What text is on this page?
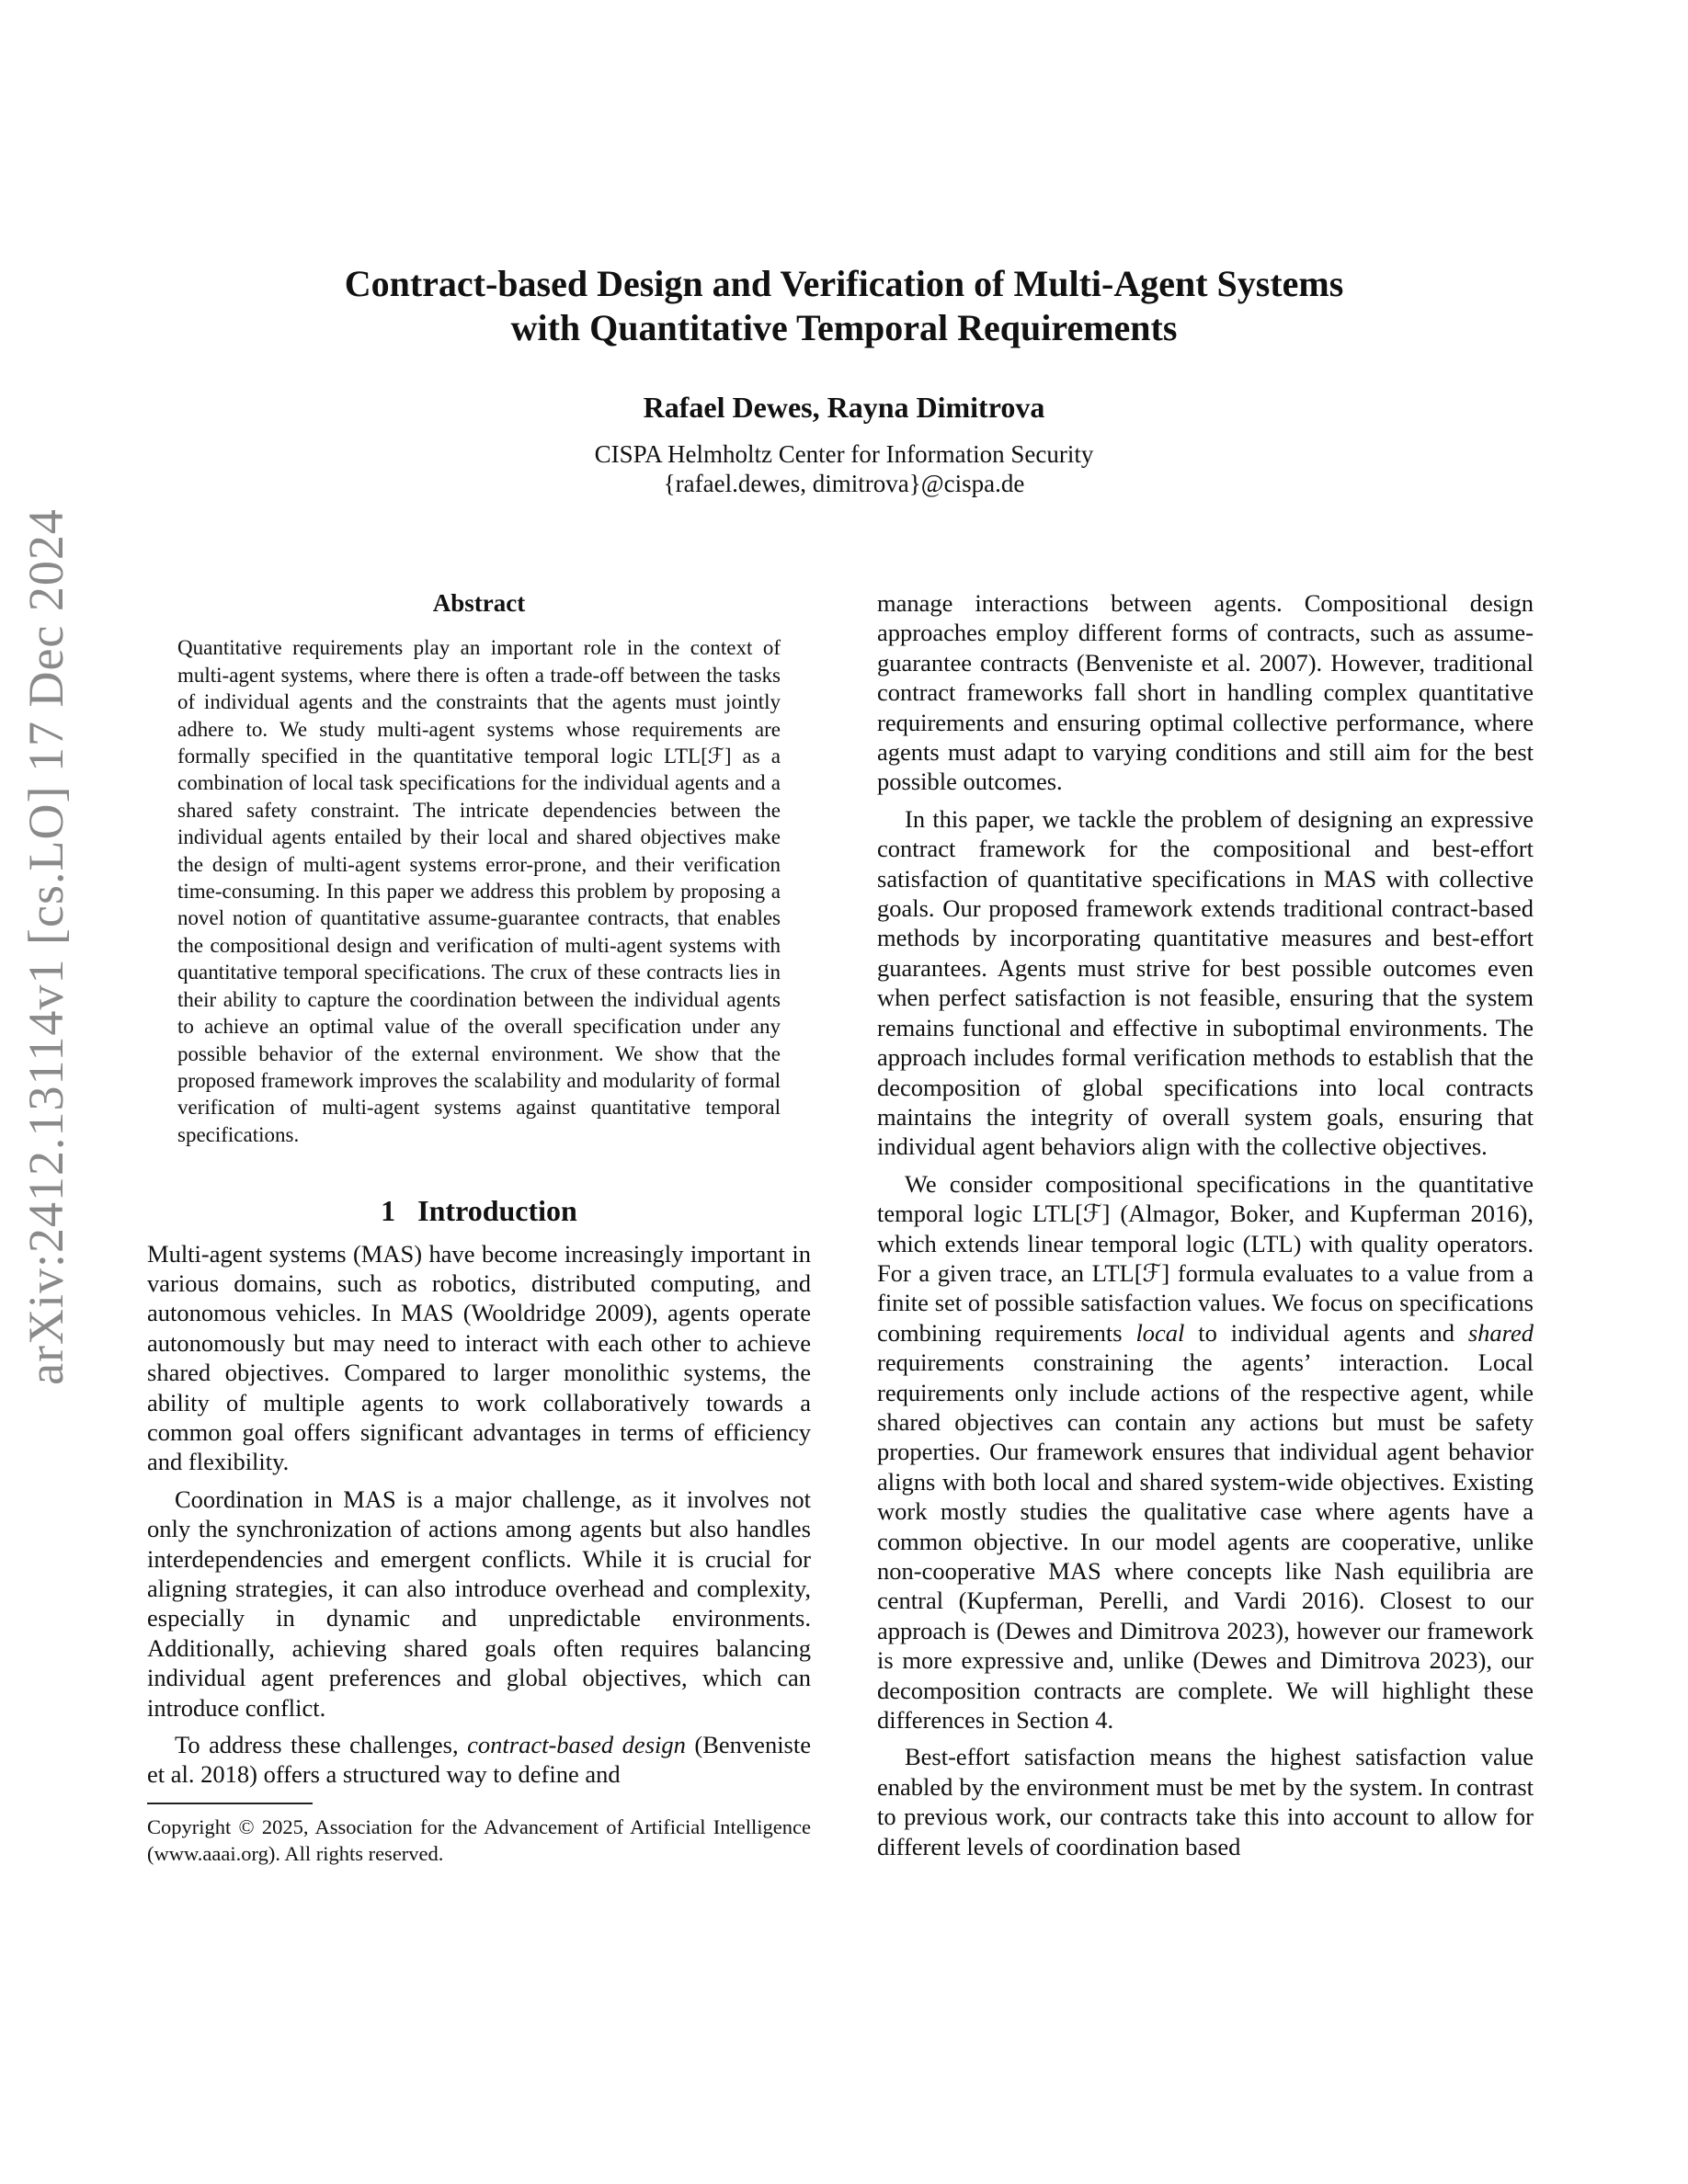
arXiv:2412.13114v1 [cs.LO] 17 Dec 2024
Contract-based Design and Verification of Multi-Agent Systems
with Quantitative Temporal Requirements
Rafael Dewes, Rayna Dimitrova
CISPA Helmholtz Center for Information Security
{rafael.dewes, dimitrova}@cispa.de
Abstract

Quantitative requirements play an important role in the context of multi-agent systems, where there is often a trade-off between the tasks of individual agents and the constraints that the agents must jointly adhere to. We study multi-agent systems whose requirements are formally specified in the quantitative temporal logic LTL[ℱ] as a combination of local task specifications for the individual agents and a shared safety constraint. The intricate dependencies between the individual agents entailed by their local and shared objectives make the design of multi-agent systems error-prone, and their verification time-consuming. In this paper we address this problem by proposing a novel notion of quantitative assume-guarantee contracts, that enables the compositional design and verification of multi-agent systems with quantitative temporal specifications. The crux of these contracts lies in their ability to capture the coordination between the individual agents to achieve an optimal value of the overall specification under any possible behavior of the external environment. We show that the proposed framework improves the scalability and modularity of formal verification of multi-agent systems against quantitative temporal specifications.

1 Introduction

Multi-agent systems (MAS) have become increasingly important in various domains, such as robotics, distributed computing, and autonomous vehicles. In MAS (Wooldridge 2009), agents operate autonomously but may need to interact with each other to achieve shared objectives. Compared to larger monolithic systems, the ability of multiple agents to work collaboratively towards a common goal offers significant advantages in terms of efficiency and flexibility.

Coordination in MAS is a major challenge, as it involves not only the synchronization of actions among agents but also handles interdependencies and emergent conflicts. While it is crucial for aligning strategies, it can also introduce overhead and complexity, especially in dynamic and unpredictable environments. Additionally, achieving shared goals often requires balancing individual agent preferences and global objectives, which can introduce conflict.

To address these challenges, contract-based design (Benveniste et al. 2018) offers a structured way to define and

Copyright © 2025, Association for the Advancement of Artificial Intelligence (www.aaai.org). All rights reserved.

manage interactions between agents. Compositional design approaches employ different forms of contracts, such as assume-guarantee contracts (Benveniste et al. 2007). However, traditional contract frameworks fall short in handling complex quantitative requirements and ensuring optimal collective performance, where agents must adapt to varying conditions and still aim for the best possible outcomes.

In this paper, we tackle the problem of designing an expressive contract framework for the compositional and best-effort satisfaction of quantitative specifications in MAS with collective goals. Our proposed framework extends traditional contract-based methods by incorporating quantitative measures and best-effort guarantees. Agents must strive for best possible outcomes even when perfect satisfaction is not feasible, ensuring that the system remains functional and effective in suboptimal environments. The approach includes formal verification methods to establish that the decomposition of global specifications into local contracts maintains the integrity of overall system goals, ensuring that individual agent behaviors align with the collective objectives.

We consider compositional specifications in the quantitative temporal logic LTL[ℱ] (Almagor, Boker, and Kupferman 2016), which extends linear temporal logic (LTL) with quality operators. For a given trace, an LTL[ℱ] formula evaluates to a value from a finite set of possible satisfaction values. We focus on specifications combining requirements local to individual agents and shared requirements constraining the agents’ interaction. Local requirements only include actions of the respective agent, while shared objectives can contain any actions but must be safety properties. Our framework ensures that individual agent behavior aligns with both local and shared system-wide objectives. Existing work mostly studies the qualitative case where agents have a common objective. In our model agents are cooperative, unlike non-cooperative MAS where concepts like Nash equilibria are central (Kupferman, Perelli, and Vardi 2016). Closest to our approach is (Dewes and Dimitrova 2023), however our framework is more expressive and, unlike (Dewes and Dimitrova 2023), our decomposition contracts are complete. We will highlight these differences in Section 4.

Best-effort satisfaction means the highest satisfaction value enabled by the environment must be met by the system. In contrast to previous work, our contracts take this into account to allow for different levels of coordination based
